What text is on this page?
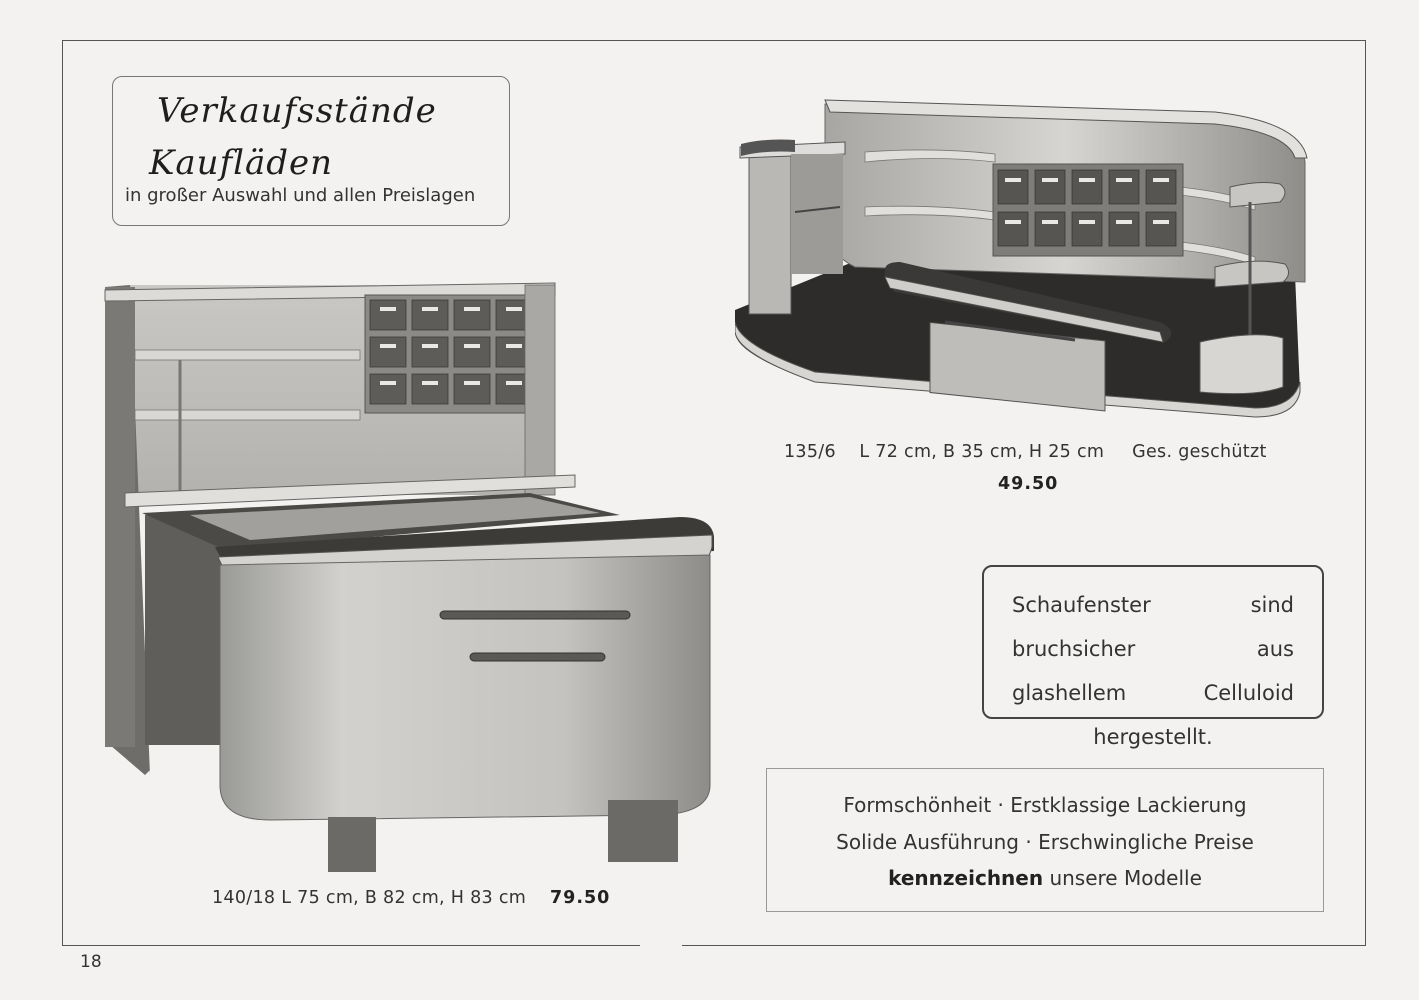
Verkaufsstände
Kaufläden
in großer Auswahl und allen Preislagen
135/6 L 72 cm, B 35 cm, H 25 cm Ges. geschützt
49.50
Schaufenster sind bruchsicher aus glashellem Celluloid hergestellt.
Formschönheit · Erstklassige Lackierung
Solide Ausführung · Erschwingliche Preise
kennzeichnen unsere Modelle
140/18 L 75 cm, B 82 cm, H 83 cm 79.50
18
